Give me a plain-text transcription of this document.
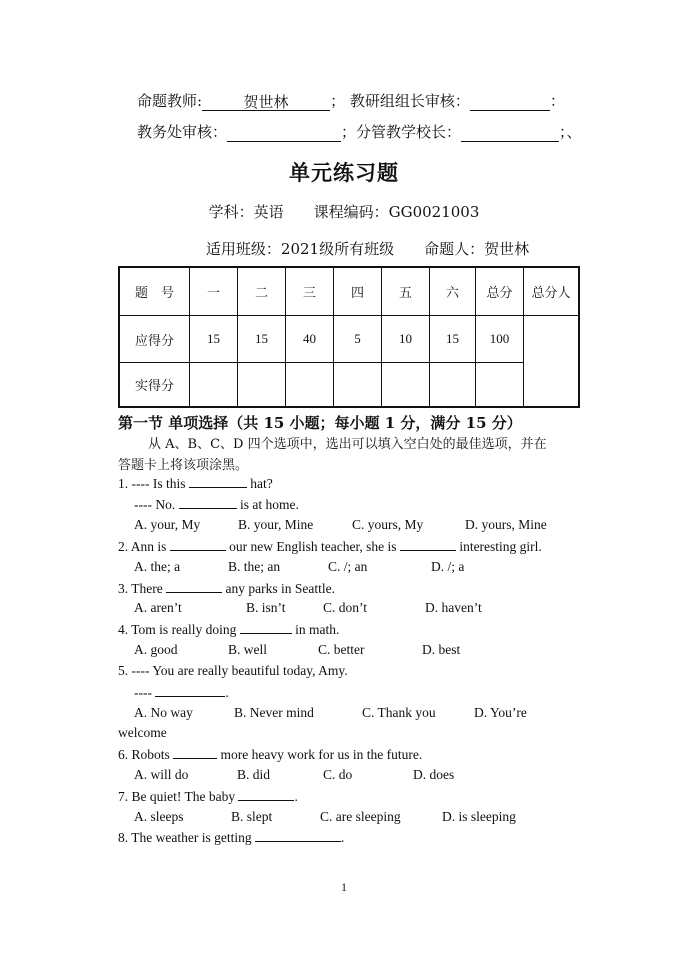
命题教师:	贺世林	； 教研组组长审核：	：
教务处审核：	；分管教学校长：	；、
单元练习题
学科：英语　　课程编码：GG0021003
适用班级：2021级所有班级　　命题人：贺世林
题　号	一	二	三	四	五	六	总分	总分人
应得分	15	15	40	5	10	15	100
实得分
第一节 单项选择（共 15 小题；每小题 1 分，满分 15 分）
从 A、B、C、D 四个选项中，选出可以填入空白处的最佳选项，并在
答题卡上将该项涂黑。
1. ---- Is this	hat?
---- No.	is at home.
A. your, My	B. your, Mine	C. yours, My	D. yours, Mine
2. Ann is	our new English teacher, she is	interesting girl.
A. the; a	B. the; an	C. /; an	D. /; a
3. There	any parks in Seattle.
A. aren’t	B. isn’t	C. don’t	D. haven’t
4. Tom is really doing	in math.
A. good	B. well	C. better	D. best
5. ---- You are really beautiful today, Amy.
----	.
A. No way	B. Never mind	C. Thank you	D. You’re
welcome
6. Robots	more heavy work for us in the future.
A. will do	B. did	C. do	D. does
7. Be quiet! The baby	.
A. sleeps	B. slept	C. are sleeping	D. is sleeping
8. The weather is getting	.
1
